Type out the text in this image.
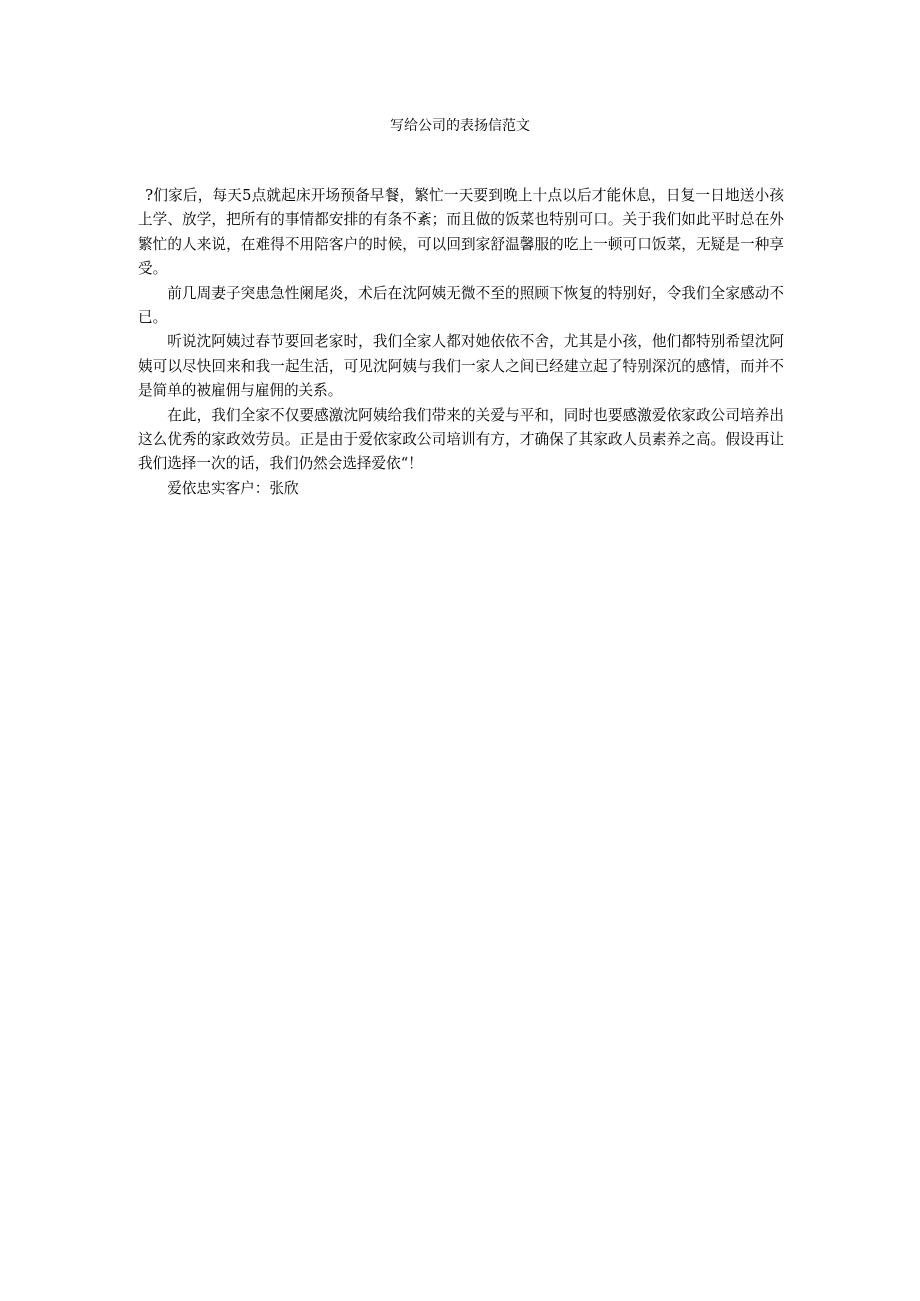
写给公司的表扬信范文

?们家后，每天5点就起床开场预备早餐，繁忙一天要到晚上十点以后才能休息，日复一日地送小孩上学、放学，把所有的事情都安排的有条不紊；而且做的饭菜也特别可口。关于我们如此平时总在外繁忙的人来说，在难得不用陪客户的时候，可以回到家舒温馨服的吃上一顿可口饭菜，无疑是一种享受。

前几周妻子突患急性阑尾炎，术后在沈阿姨无微不至的照顾下恢复的特别好，令我们全家感动不已。

听说沈阿姨过春节要回老家时，我们全家人都对她依依不舍，尤其是小孩，他们都特别希望沈阿姨可以尽快回来和我一起生活，可见沈阿姨与我们一家人之间已经建立起了特别深沉的感情，而并不是简单的被雇佣与雇佣的关系。

在此，我们全家不仅要感激沈阿姨给我们带来的关爱与平和，同时也要感激爱依家政公司培养出这么优秀的家政效劳员。正是由于爱依家政公司培训有方，才确保了其家政人员素养之高。假设再让我们选择一次的话，我们仍然会选择爱依“！

爱依忠实客户：张欣
